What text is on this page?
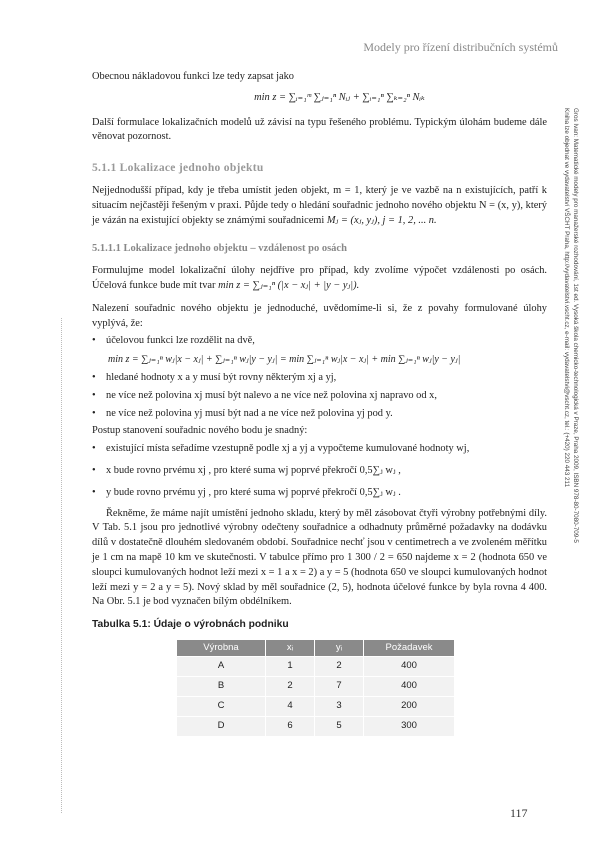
Modely pro řízení distribučních systémů
Gros Ivan: Matematické modely pro manažerské rozhodování, 1st ed. Vysoká škola chemicko-technologická v Praze, Praha 2009, ISBN 978-80-7080-709-5
Kniha lze objednat ve vydavatelství VŠCHT Praha, http://vydavatelstvi.vscht.cz, e-mail: vydavatelstvi@vscht.cz, tel.: (+420) 220 443 211

Obecnou nákladovou funkci lze tedy zapsat jako

min z = ∑ᵢ₌₁ᵐ ∑ⱼ₌₁ⁿ Nᵢⱼ + ∑ᵢ₌₁ⁿ ∑ₖ₌₂ⁿ Nᵢₖ

Další formulace lokalizačních modelů už závisí na typu řešeného problému. Typickým úlohám budeme dále věnovat pozornost.

5.1.1 Lokalizace jednoho objektu

Nejjednodušší případ, kdy je třeba umístit jeden objekt, m = 1, který je ve vazbě na n existujících, patří k situacím nejčastěji řešeným v praxi. Půjde tedy o hledání souřadnic jednoho nového objektu N = (x, y), který je vázán na existující objekty se známými souřadnicemi Mⱼ = (xⱼ, yⱼ), j = 1, 2, ... n.

5.1.1.1 Lokalizace jednoho objektu – vzdálenost po osách

Formulujme model lokalizační úlohy nejdříve pro případ, kdy zvolíme výpočet vzdálenosti po osách. Účelová funkce bude mít tvar min z = ∑ⱼ₌₁ⁿ (|x − xⱼ| + |y − yⱼ|).

Nalezení souřadnic nového objektu je jednoduché, uvědomíme-li si, že z povahy formulované úlohy vyplývá, že:

• účelovou funkci lze rozdělit na dvě,
min z = ∑ⱼ₌₁ⁿ wⱼ|x − xⱼ| + ∑ⱼ₌₁ⁿ wⱼ|y − yⱼ| = min ∑ⱼ₌₁ⁿ wⱼ|x − xⱼ| + min ∑ⱼ₌₁ⁿ wⱼ|y − yⱼ|
• hledané hodnoty x a y musí být rovny některým xj a yj,
• ne více než polovina xj musí být nalevo a ne více než polovina xj napravo od x,
• ne více než polovina yj musí být nad a ne více než polovina yj pod y.

Postup stanovení souřadnic nového bodu je snadný:

• existující místa seřadíme vzestupně podle xj a yj a vypočteme kumulované hodnoty wj,
• x bude rovno prvému xj , pro které suma wj poprvé překročí 0,5∑ⱼ wⱼ ,
• y bude rovno prvému yj , pro které suma wj poprvé překročí 0,5∑ⱼ wⱼ .

Řekněme, že máme najít umístění jednoho skladu, který by měl zásobovat čtyři výrobny potřebnými díly. V Tab. 5.1 jsou pro jednotlivé výrobny odečteny souřadnice a odhadnuty průměrné požadavky na dodávku dílů v dostatečně dlouhém sledovaném období. Souřadnice nechť jsou v centimetrech a ve zvoleném měřítku je 1 cm na mapě 10 km ve skutečnosti. V tabulce přímo pro 1 300 / 2 = 650 najdeme x = 2 (hodnota 650 ve sloupci kumulovaných hodnot leží mezi x = 1 a x = 2) a y = 5 (hodnota 650 ve sloupci kumulovaných hodnot leží mezi y = 2 a y = 5). Nový sklad by měl souřadnice (2, 5), hodnota účelové funkce by byla rovna 4 400. Na Obr. 5.1 je bod vyznačen bílým obdélníkem.

Tabulka 5.1: Údaje o výrobnách podniku
Výrobna	xᵢ	yᵢ	Požadavek
A	1	2	400
B	2	7	400
C	4	3	200
D	6	5	300
117
